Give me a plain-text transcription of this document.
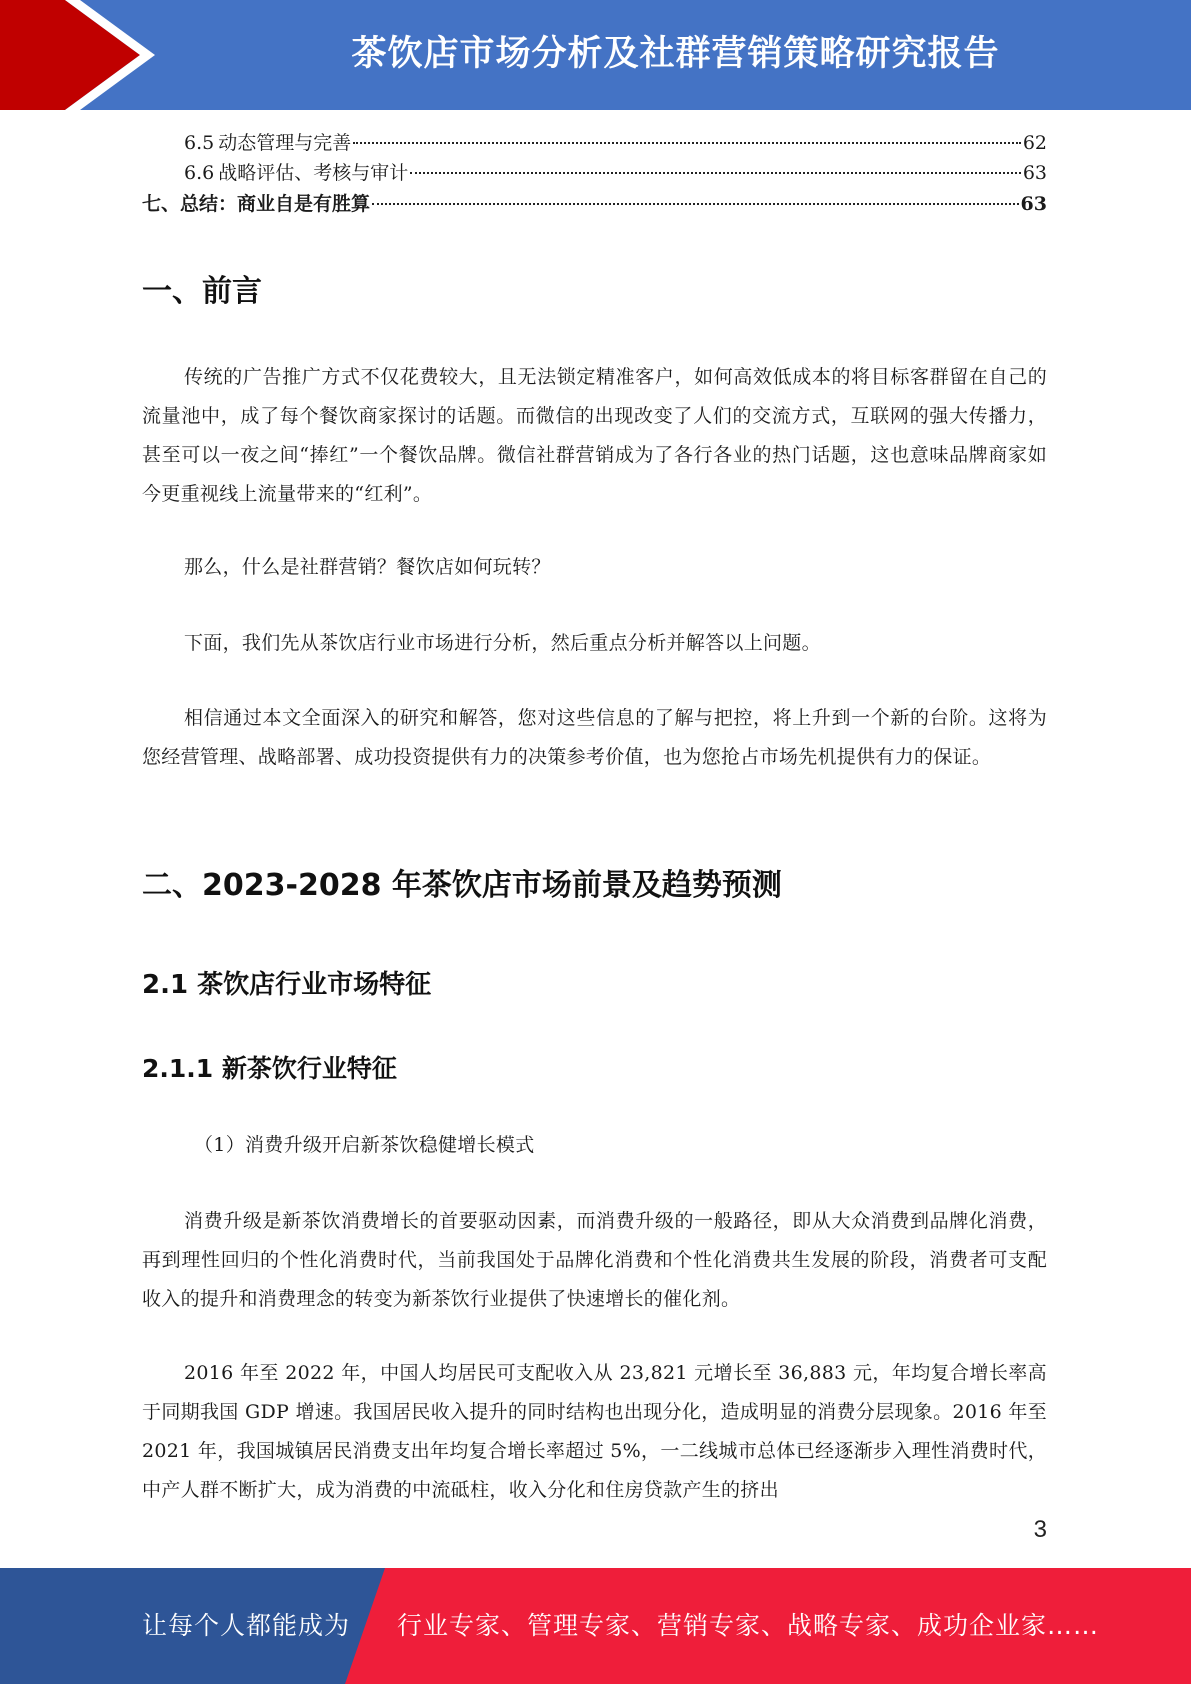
茶饮店市场分析及社群营销策略研究报告
6.5 动态管理与完善	62
6.6 战略评估、考核与审计	63
七、 总结：商业自是有胜算	63
一、前言

传统的广告推广方式不仅花费较大，且无法锁定精准客户，如何高效低成本的将目标客群留在自己的流量池中，成了每个餐饮商家探讨的话题。而微信的出现改变了人们的交流方式，互联网的强大传播力，甚至可以一夜之间“捧红”一个餐饮品牌。微信社群营销成为了各行各业的热门话题，这也意味品牌商家如今更重视线上流量带来的“红利”。

那么，什么是社群营销？餐饮店如何玩转？

下面，我们先从茶饮店行业市场进行分析，然后重点分析并解答以上问题。

相信通过本文全面深入的研究和解答，您对这些信息的了解与把控，将上升到一个新的台阶。这将为您经营管理、战略部署、成功投资提供有力的决策参考价值，也为您抢占市场先机提供有力的保证。

二、2023-2028 年茶饮店市场前景及趋势预测
2.1 茶饮店行业市场特征
2.1.1 新茶饮行业特征

（1）消费升级开启新茶饮稳健增长模式

消费升级是新茶饮消费增长的首要驱动因素，而消费升级的一般路径，即从大众消费到品牌化消费，再到理性回归的个性化消费时代，当前我国处于品牌化消费和个性化消费共生发展的阶段，消费者可支配收入的提升和消费理念的转变为新茶饮行业提供了快速增长的催化剂。

2016 年至 2022 年，中国人均居民可支配收入从 23,821 元增长至 36,883 元，年均复合增长率高于同期我国 GDP 增速。我国居民收入提升的同时结构也出现分化，造成明显的消费分层现象。2016 年至 2021 年，我国城镇居民消费支出年均复合增长率超过 5%，一二线城市总体已经逐渐步入理性消费时代，中产人群不断扩大，成为消费的中流砥柱，收入分化和住房贷款产生的挤出

3
让每个人都能成为 行业专家、管理专家、营销专家、战略专家、成功企业家……
